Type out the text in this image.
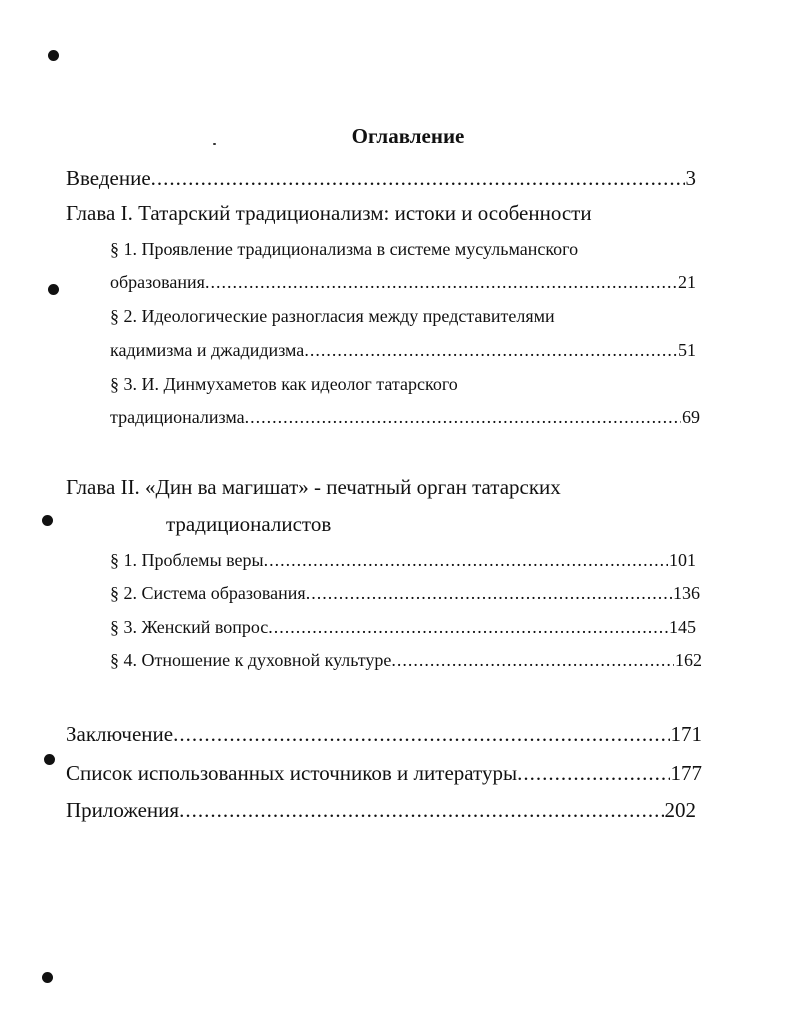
Оглавление
Введение .....	3
Глава I. Татарский традиционализм: истоки и особенности
§ 1. Проявление традиционализма в системе мусульманского
образования .....	21
§ 2. Идеологические разногласия между представителями
кадимизма и джадидизма .....	51
§ 3. И. Динмухаметов как идеолог татарского
традиционализма .....	69
Глава II. «Дин ва магишат» - печатный орган татарских
традиционалистов
§ 1. Проблемы веры .....	101
§ 2. Система образования .....	136
§ 3. Женский вопрос .....	145
§ 4. Отношение к духовной культуре .....	162
Заключение .....	171
Список использованных источников и литературы .....	177
Приложения .....	202
